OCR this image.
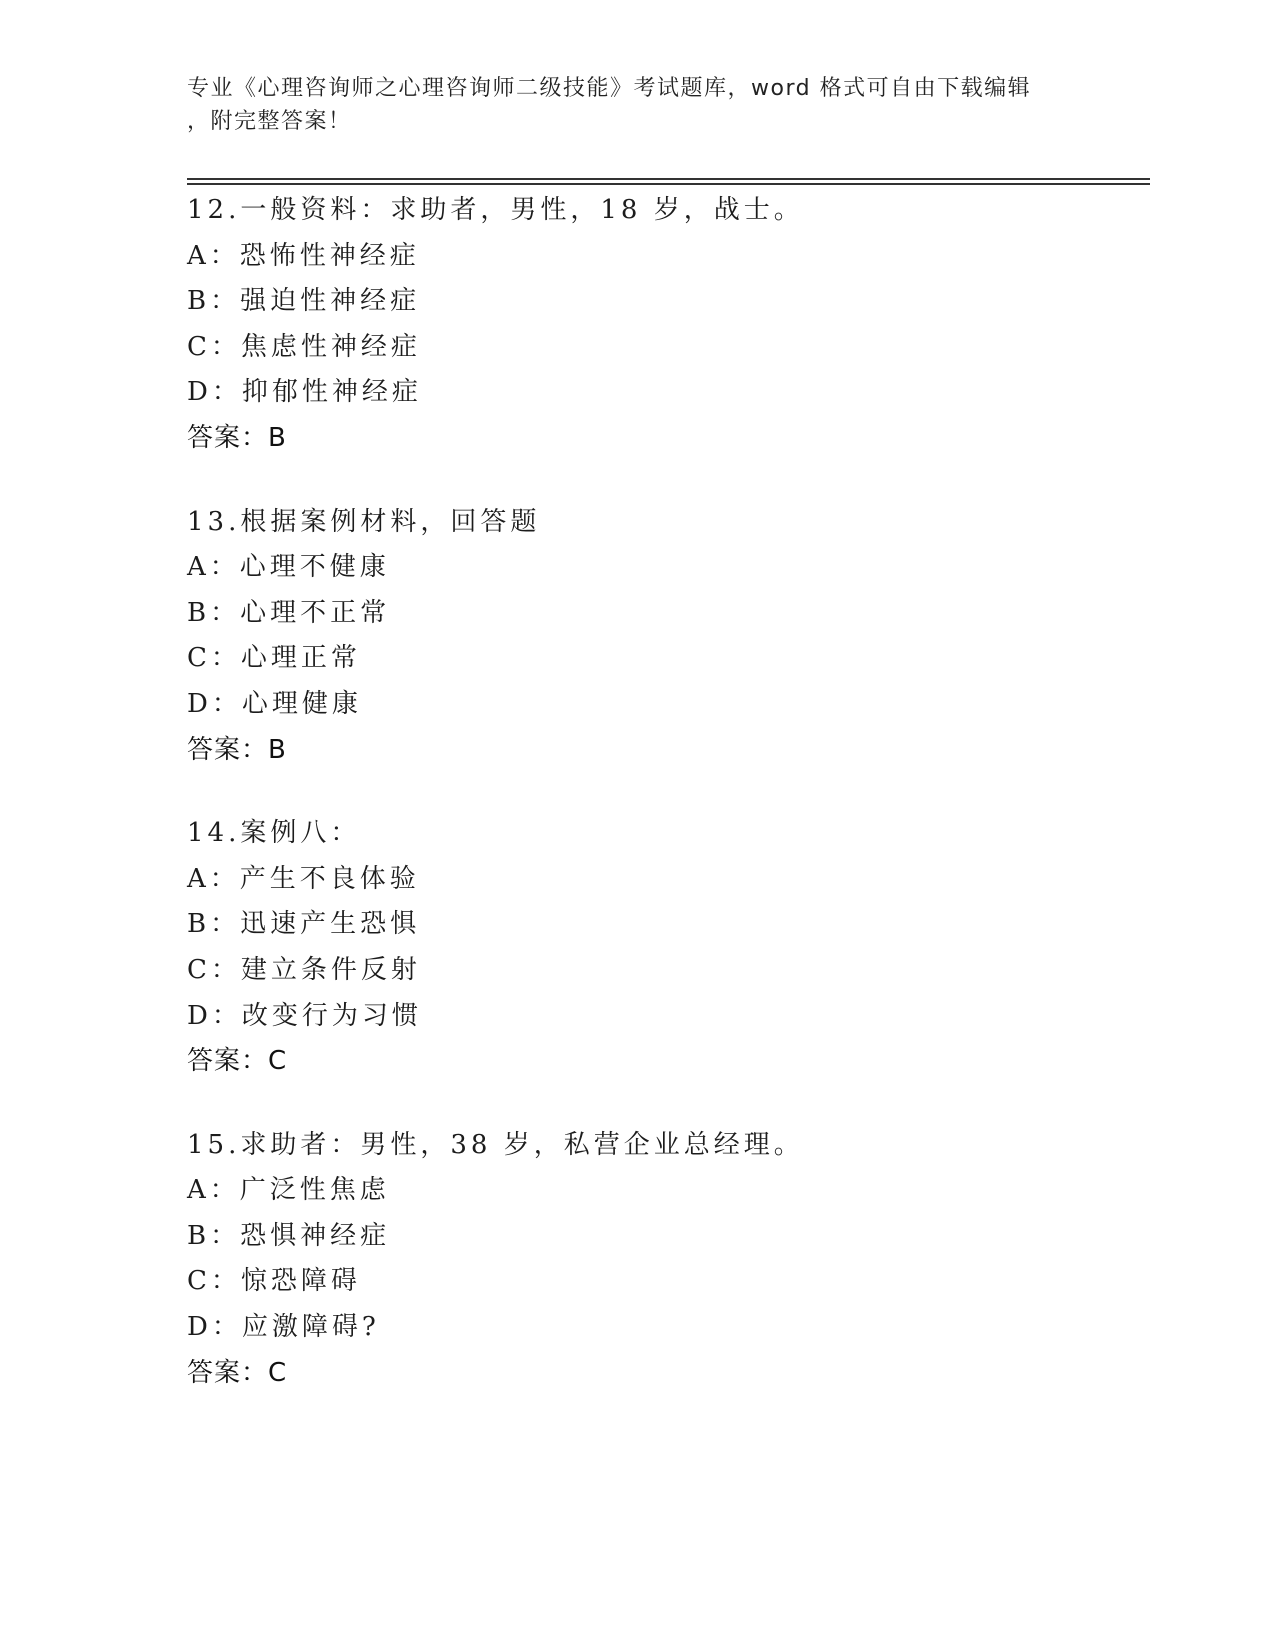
专业《心理咨询师之心理咨询师二级技能》考试题库，word 格式可自由下载编辑
，附完整答案！
12.一般资料：求助者，男性，18 岁，战士。
A：恐怖性神经症
B：强迫性神经症
C：焦虑性神经症
D：抑郁性神经症
答案：B
13.根据案例材料，回答题
A：心理不健康
B：心理不正常
C：心理正常
D：心理健康
答案：B
14.案例八：
A：产生不良体验
B：迅速产生恐惧
C：建立条件反射
D：改变行为习惯
答案：C
15.求助者：男性，38 岁，私营企业总经理。
A：广泛性焦虑
B：恐惧神经症
C：惊恐障碍
D：应激障碍?
答案：C
